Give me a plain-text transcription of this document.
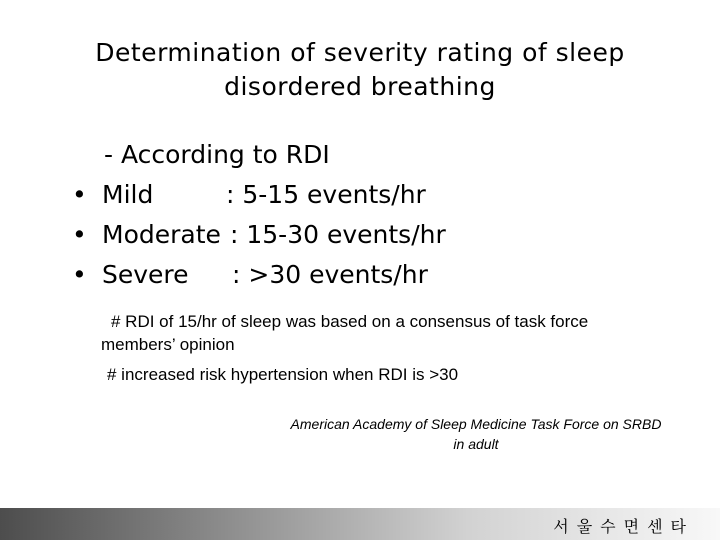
Determination of severity rating of sleep disordered breathing
- According to RDI
• Mild	: 5-15 events/hr
• Moderate : 15-30 events/hr
• Severe : >30 events/hr

# RDI of 15/hr of sleep was based on a consensus of task force members’ opinion

# increased risk hypertension when RDI is >30

American Academy of Sleep Medicine Task Force on SRBD in adult
서울수면센타
